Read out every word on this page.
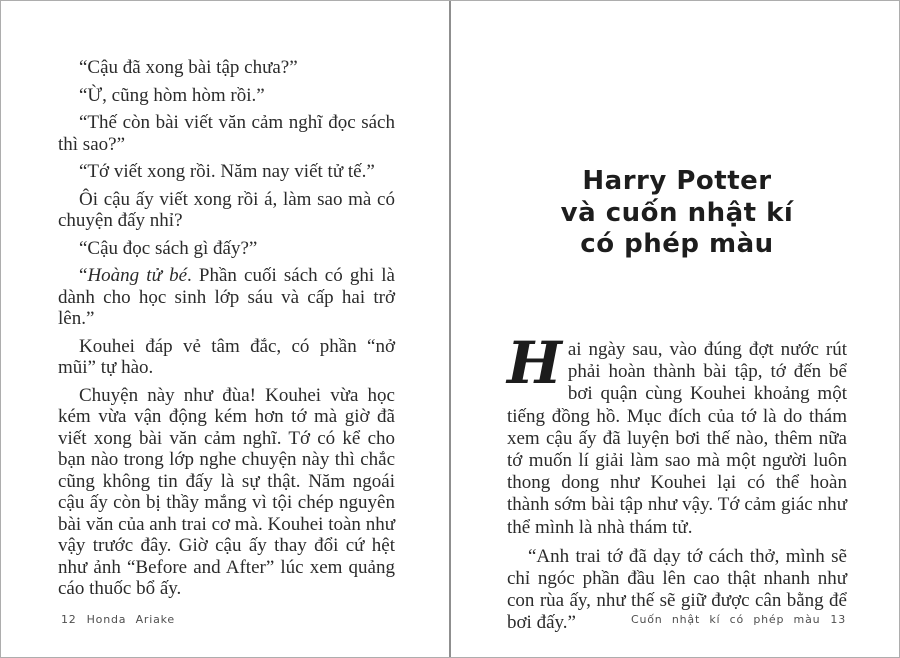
“Cậu đã xong bài tập chưa?”

“Ừ, cũng hòm hòm rồi.”

“Thế còn bài viết văn cảm nghĩ đọc sách thì sao?”

“Tớ viết xong rồi. Năm nay viết tử tế.”

Ôi cậu ấy viết xong rồi á, làm sao mà có chuyện đấy nhỉ?

“Cậu đọc sách gì đấy?”

“Hoàng tử bé. Phần cuối sách có ghi là dành cho học sinh lớp sáu và cấp hai trở lên.”

Kouhei đáp vẻ tâm đắc, có phần “nở mũi” tự hào.

Chuyện này như đùa! Kouhei vừa học kém vừa vận động kém hơn tớ mà giờ đã viết xong bài văn cảm nghĩ. Tớ có kể cho bạn nào trong lớp nghe chuyện này thì chắc cũng không tin đấy là sự thật. Năm ngoái cậu ấy còn bị thầy mắng vì tội chép nguyên bài văn của anh trai cơ mà. Kouhei toàn như vậy trước đây. Giờ cậu ấy thay đổi cứ hệt như ảnh “Before and After” lúc xem quảng cáo thuốc bổ ấy.

12 Honda Ariake
Harry Potter
và cuốn nhật kí
có phép màu

Hai ngày sau, vào đúng đợt nước rút phải hoàn thành bài tập, tớ đến bể bơi quận cùng Kouhei khoảng một tiếng đồng hồ. Mục đích của tớ là do thám xem cậu ấy đã luyện bơi thế nào, thêm nữa tớ muốn lí giải làm sao mà một người luôn thong dong như Kouhei lại có thể hoàn thành sớm bài tập như vậy. Tớ cảm giác như thể mình là nhà thám tử.

“Anh trai tớ đã dạy tớ cách thở, mình sẽ chỉ ngóc phần đầu lên cao thật nhanh như con rùa ấy, như thế sẽ giữ được cân bằng để bơi đấy.”	Cuốn nhật kí có phép màu 13
